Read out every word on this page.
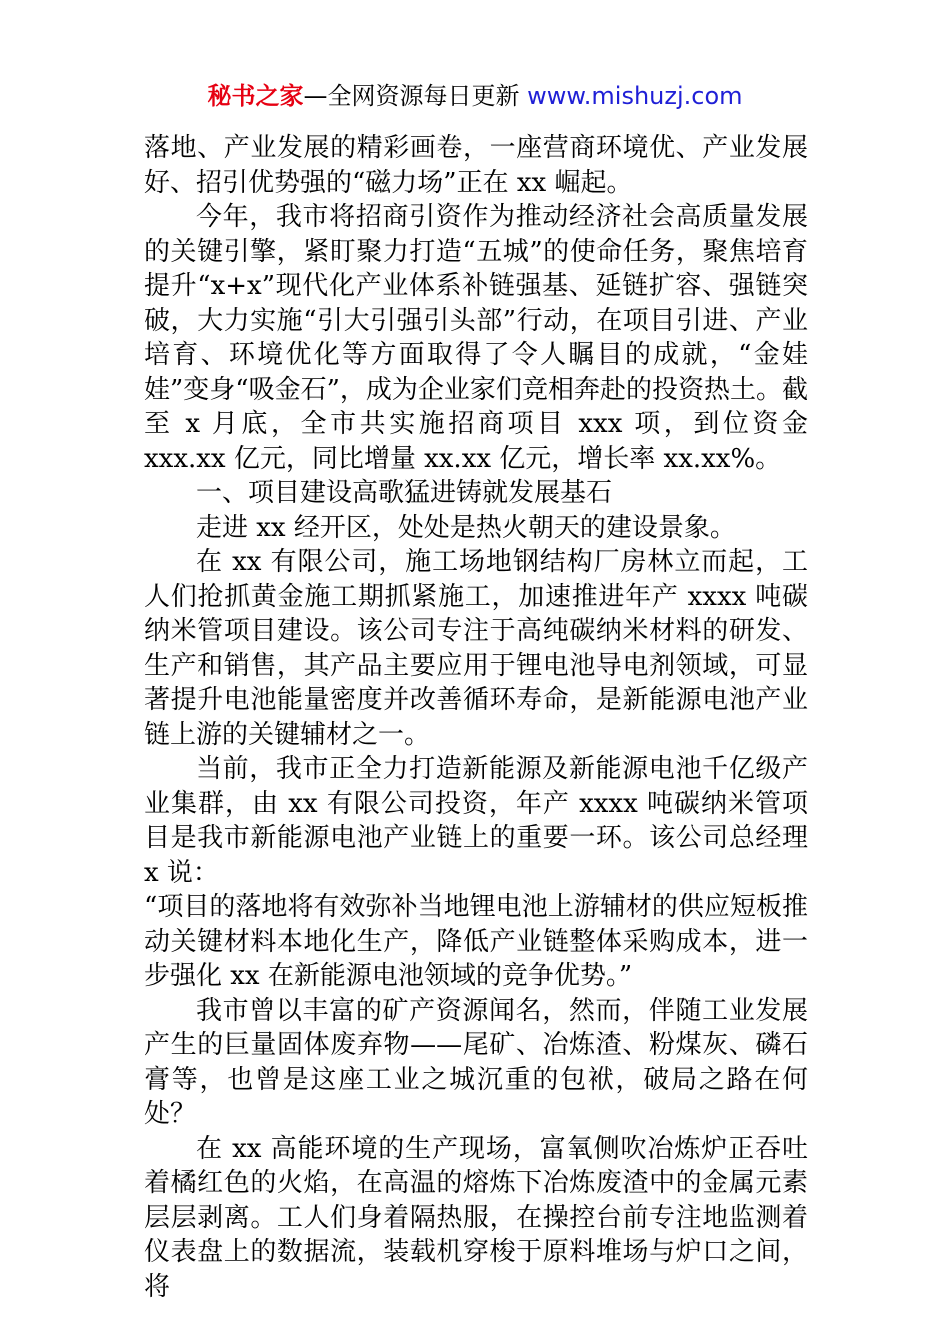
秘书之家—全网资源每日更新 www.mishuzj.com

落地、产业发展的精彩画卷，一座营商环境优、产业发展好、招引优势强的“磁力场”正在 xx 崛起。

今年，我市将招商引资作为推动经济社会高质量发展的关键引擎，紧盯聚力打造“五城”的使命任务，聚焦培育提升“x+x”现代化产业体系补链强基、延链扩容、强链突破，大力实施“引大引强引头部”行动，在项目引进、产业培育、环境优化等方面取得了令人瞩目的成就，“金娃娃”变身“吸金石”，成为企业家们竞相奔赴的投资热土。截至 x 月底，全市共实施招商项目 xxx 项，到位资金 xxx.xx 亿元，同比增量 xx.xx 亿元，增长率 xx.xx%。

一、项目建设高歌猛进铸就发展基石

走进 xx 经开区，处处是热火朝天的建设景象。

在 xx 有限公司，施工场地钢结构厂房林立而起，工人们抢抓黄金施工期抓紧施工，加速推进年产 xxxx 吨碳纳米管项目建设。该公司专注于高纯碳纳米材料的研发、生产和销售，其产品主要应用于锂电池导电剂领域，可显著提升电池能量密度并改善循环寿命，是新能源电池产业链上游的关键辅材之一。

当前，我市正全力打造新能源及新能源电池千亿级产业集群，由 xx 有限公司投资，年产 xxxx 吨碳纳米管项目是我市新能源电池产业链上的重要一环。该公司总经理 x 说：

“项目的落地将有效弥补当地锂电池上游辅材的供应短板推动关键材料本地化生产，降低产业链整体采购成本，进一步强化 xx 在新能源电池领域的竞争优势。”

我市曾以丰富的矿产资源闻名，然而，伴随工业发展产生的巨量固体废弃物——尾矿、冶炼渣、粉煤灰、磷石膏等，也曾是这座工业之城沉重的包袱，破局之路在何处？

在 xx 高能环境的生产现场，富氧侧吹冶炼炉正吞吐着橘红色的火焰，在高温的熔炼下冶炼废渣中的金属元素层层剥离。工人们身着隔热服，在操控台前专注地监测着仪表盘上的数据流，装载机穿梭于原料堆场与炉口之间，将
